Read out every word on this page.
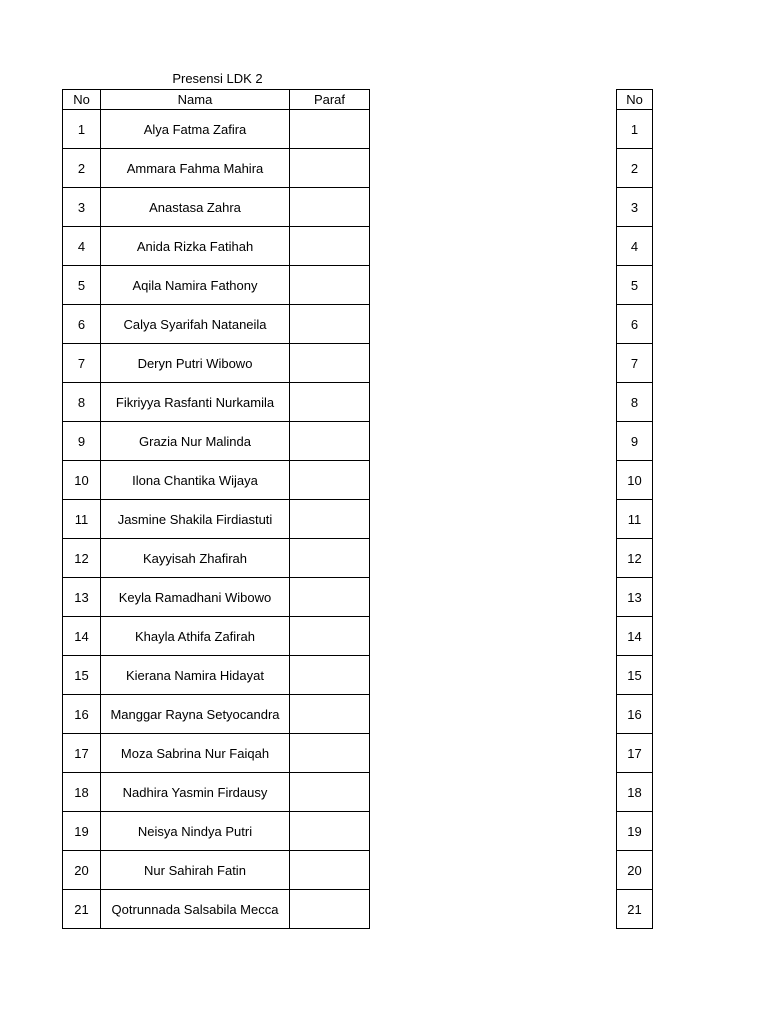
Presensi LDK 2
No	Nama	Paraf
1	Alya Fatma Zafira	
2	Ammara Fahma Mahira	
3	Anastasa Zahra	
4	Anida Rizka Fatihah	
5	Aqila Namira Fathony	
6	Calya Syarifah Nataneila	
7	Deryn Putri Wibowo	
8	Fikriyya Rasfanti Nurkamila	
9	Grazia Nur Malinda	
10	Ilona Chantika Wijaya	
11	Jasmine Shakila Firdiastuti	
12	Kayyisah Zhafirah	
13	Keyla Ramadhani Wibowo	
14	Khayla Athifa Zafirah	
15	Kierana Namira Hidayat	
16	Manggar Rayna Setyocandra	
17	Moza Sabrina Nur Faiqah	
18	Nadhira Yasmin Firdausy	
19	Neisya Nindya Putri	
20	Nur Sahirah Fatin	
21	Qotrunnada Salsabila Mecca	
No
1
2
3
4
5
6
7
8
9
10
11
12
13
14
15
16
17
18
19
20
21
